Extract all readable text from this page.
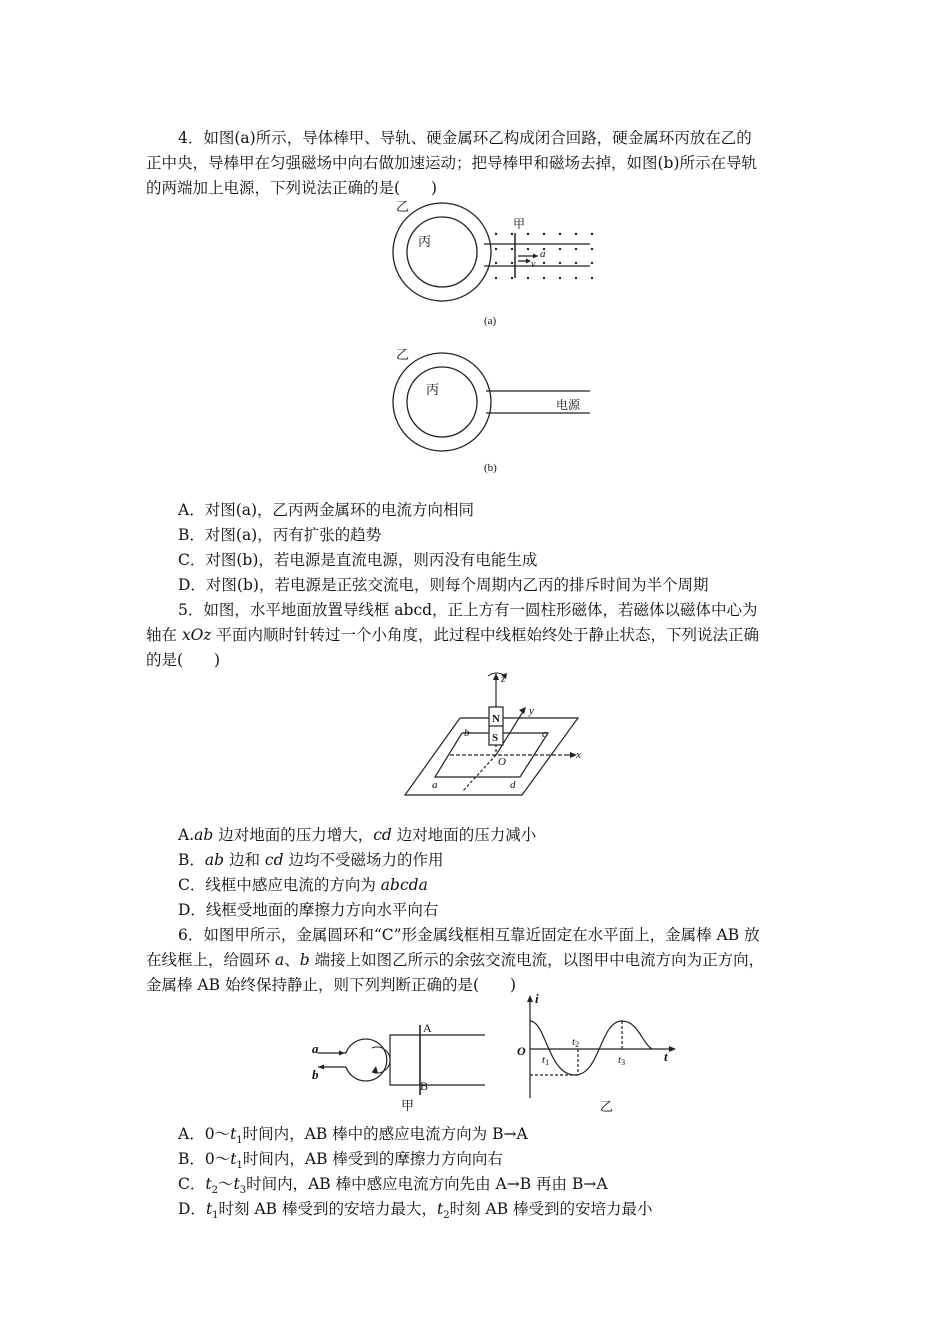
4．如图(a)所示，导体棒甲、导轨、硬金属环乙构成闭合回路，硬金属环丙放在乙的
正中央，导棒甲在匀强磁场中向右做加速运动；把导棒甲和磁场去掉，如图(b)所示在导轨
的两端加上电源，下列说法正确的是(　　)
乙
丙
甲
a
v
(a)
乙
丙
电源
(b)
A．对图(a)，乙丙两金属环的电流方向相同
B．对图(a)，丙有扩张的趋势
C．对图(b)，若电源是直流电源，则丙没有电能生成
D．对图(b)，若电源是正弦交流电，则每个周期内乙丙的排斥时间为半个周期
5．如图，水平地面放置导线框 abcd，正上方有一圆柱形磁体，若磁体以磁体中心为
轴在 xOz 平面内顺时针转过一个小角度，此过程中线框始终处于静止状态，下列说法正确
的是(　　)
z
y
x
N
S
O
b	c
a	d
A.ab 边对地面的压力增大，cd 边对地面的压力减小
B．ab 边和 cd 边均不受磁场力的作用
C．线框中感应电流的方向为 abcda
D．线框受地面的摩擦力方向水平向右
6．如图甲所示，金属圆环和“C”形金属线框相互靠近固定在水平面上，金属棒 AB 放
在线框上，给圆环 a、b 端接上如图乙所示的余弦交流电流，以图甲中电流方向为正方向，
金属棒 AB 始终保持静止，则下列判断正确的是(　　)
a
b
A
B
甲
i
O	t
t1
t2
t3
乙
A．$0\sim t_1$时间内，AB 棒中的感应电流方向为 B→A
B．$0\sim t_1$时间内，AB 棒受到的摩擦力方向向右
C．$t_2\sim t_3$时间内，AB 棒中感应电流方向先由 A→B 再由 B→A
D．$t_1$时刻 AB 棒受到的安培力最大，$t_2$时刻 AB 棒受到的安培力最小
